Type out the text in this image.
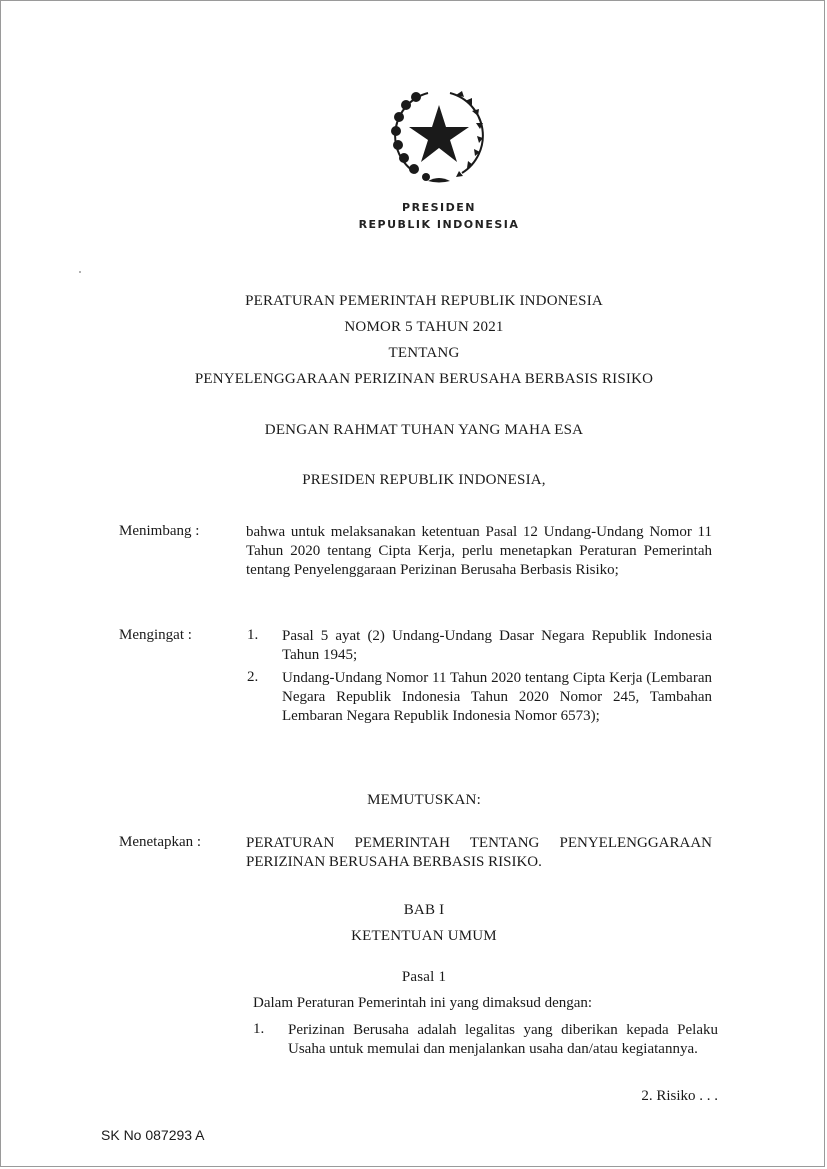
PRESIDEN
REPUBLIK INDONESIA
PERATURAN PEMERINTAH REPUBLIK INDONESIA
NOMOR 5 TAHUN 2021
TENTANG
PENYELENGGARAAN PERIZINAN BERUSAHA BERBASIS RISIKO
DENGAN RAHMAT TUHAN YANG MAHA ESA
PRESIDEN REPUBLIK INDONESIA,
Menimbang :	bahwa untuk melaksanakan ketentuan Pasal 12 Undang-Undang Nomor 11 Tahun 2020 tentang Cipta Kerja, perlu menetapkan Peraturan Pemerintah tentang Penyelenggaraan Perizinan Berusaha Berbasis Risiko;
Mengingat :	1. Pasal 5 ayat (2) Undang-Undang Dasar Negara Republik Indonesia Tahun 1945;
2. Undang-Undang Nomor 11 Tahun 2020 tentang Cipta Kerja (Lembaran Negara Republik Indonesia Tahun 2020 Nomor 245, Tambahan Lembaran Negara Republik Indonesia Nomor 6573);
MEMUTUSKAN:
Menetapkan :	PERATURAN PEMERINTAH TENTANG PENYELENGGARAAN PERIZINAN BERUSAHA BERBASIS RISIKO.
BAB I
KETENTUAN UMUM
Pasal 1
Dalam Peraturan Pemerintah ini yang dimaksud dengan:
1. Perizinan Berusaha adalah legalitas yang diberikan kepada Pelaku Usaha untuk memulai dan menjalankan usaha dan/atau kegiatannya.
2. Risiko . . .
SK No 087293 A
